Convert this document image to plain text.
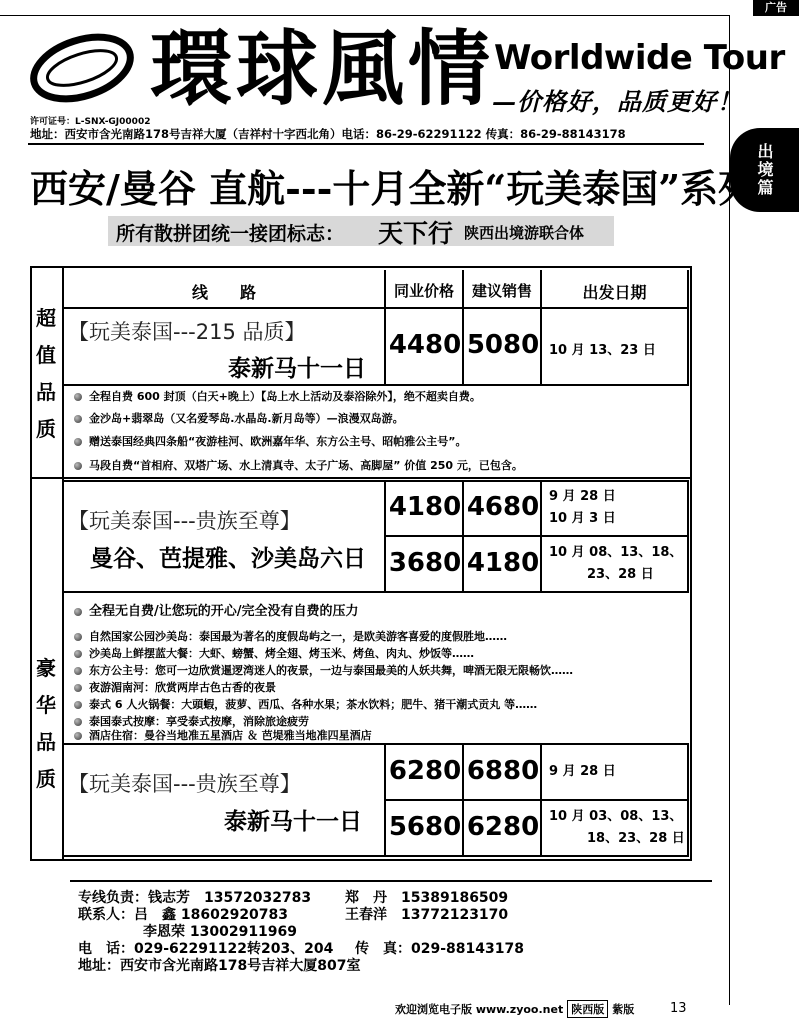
广告
環球風情 Worldwide Tour
—价格好，品质更好！
许可证号：L-SNX-GJ00002
地址：西安市含光南路178号吉祥大厦（吉祥村十字西北角）电话：86-29-62291122 传真：86-29-88143178
出境篇
西安/曼谷 直航---十月全新“玩美泰国”系列
所有散拼团统一接团标志： 天下行 陕西出境游联合体
线　　路	同业价格	建议销售	出发日期
超
值
品
质
【玩美泰国---215 品质】
泰新马十一日
4480 5080 10 月 13、23 日
全程自费 600 封顶（白天+晚上）【岛上水上活动及泰浴除外】，绝不超卖自费。
金沙岛+翡翠岛（又名爱琴岛.水晶岛.新月岛等）—浪漫双岛游。
赠送泰国经典四条船“夜游桂河、欧洲嘉年华、东方公主号、昭帕雅公主号”。
马段自费“首相府、双塔广场、水上清真寺、太子广场、高脚屋” 价值 250 元，已包含。
豪
华
品
质
【玩美泰国---贵族至尊】
曼谷、芭提雅、沙美岛六日
4180 4680 9 月 28 日
10 月 3 日
3680 4180 10 月 08、13、18、
23、28 日
全程无自费/让您玩的开心/完全没有自费的压力
自然国家公园沙美岛：泰国最为著名的度假岛屿之一，是欧美游客喜爱的度假胜地……
沙美岛上鲜摆蓝大餐：大虾、螃蟹、烤全翅、烤玉米、烤鱼、肉丸、炒饭等……
东方公主号：您可一边欣赏暹逻湾迷人的夜景，一边与泰国最美的人妖共舞，啤酒无限无限畅饮……
夜游湄南河：欣赏两岸古色古香的夜景
泰式 6 人火锅餐：大頭蝦，菠萝、西瓜、各种水果；茶水饮料；肥牛、猪干潮式贡丸 等……
泰国泰式按摩：享受泰式按摩，消除旅途疲劳
酒店住宿：曼谷当地准五星酒店 ＆ 芭堤雅当地准四星酒店
【玩美泰国---贵族至尊】
泰新马十一日
6280 6880 9 月 28 日
5680 6280 10 月 03、08、13、
18、23、28 日
专线负责：钱志芳　13572032783 郑　丹　15389186509
联系人：吕　鑫 18602920783	王春洋　13772123170
李恩荣 13002911969
电　话：029-62291122转203、204 传　真：029-88143178
地址：西安市含光南路178号吉祥大厦807室
欢迎浏览电子版 www.zyoo.net 陕西版 紫版	13
